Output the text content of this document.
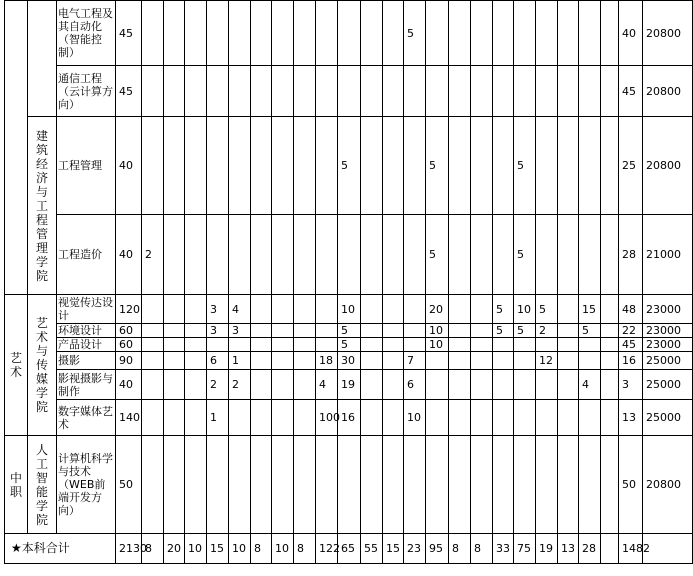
		电气工程及其自动化（智能控制）	45													5										40	20800
		通信工程（云计算方向）	45																							45	20800
	建筑经济与工程管理学院	工程管理	40										5				5				5					25	20800
		工程造价	40	2													5				5					28	21000
艺术	艺术与传媒学院	视觉传达设计	120				3	4					10				20			5	10	5		15		48	23000
		环境设计	60				3	3					5				10			5	5	2		5		22	23000
		产品设计	60										5				10									45	23000
		摄影	90				6	1				18	30			7						12				16	25000
		影视摄影与制作	40				2	2				4	19			6								4		3	25000
		数字媒体艺术	140				1					100	16			10										13	25000
中职	人工智能学院	计算机科学与技术（WEB前端开发方向）	50																							50	20800
★本科合计			2130	8	20	10	15	10	8	10	8	122	65	55	15	23	95	8	8	33	75	19	13	28		1482	
